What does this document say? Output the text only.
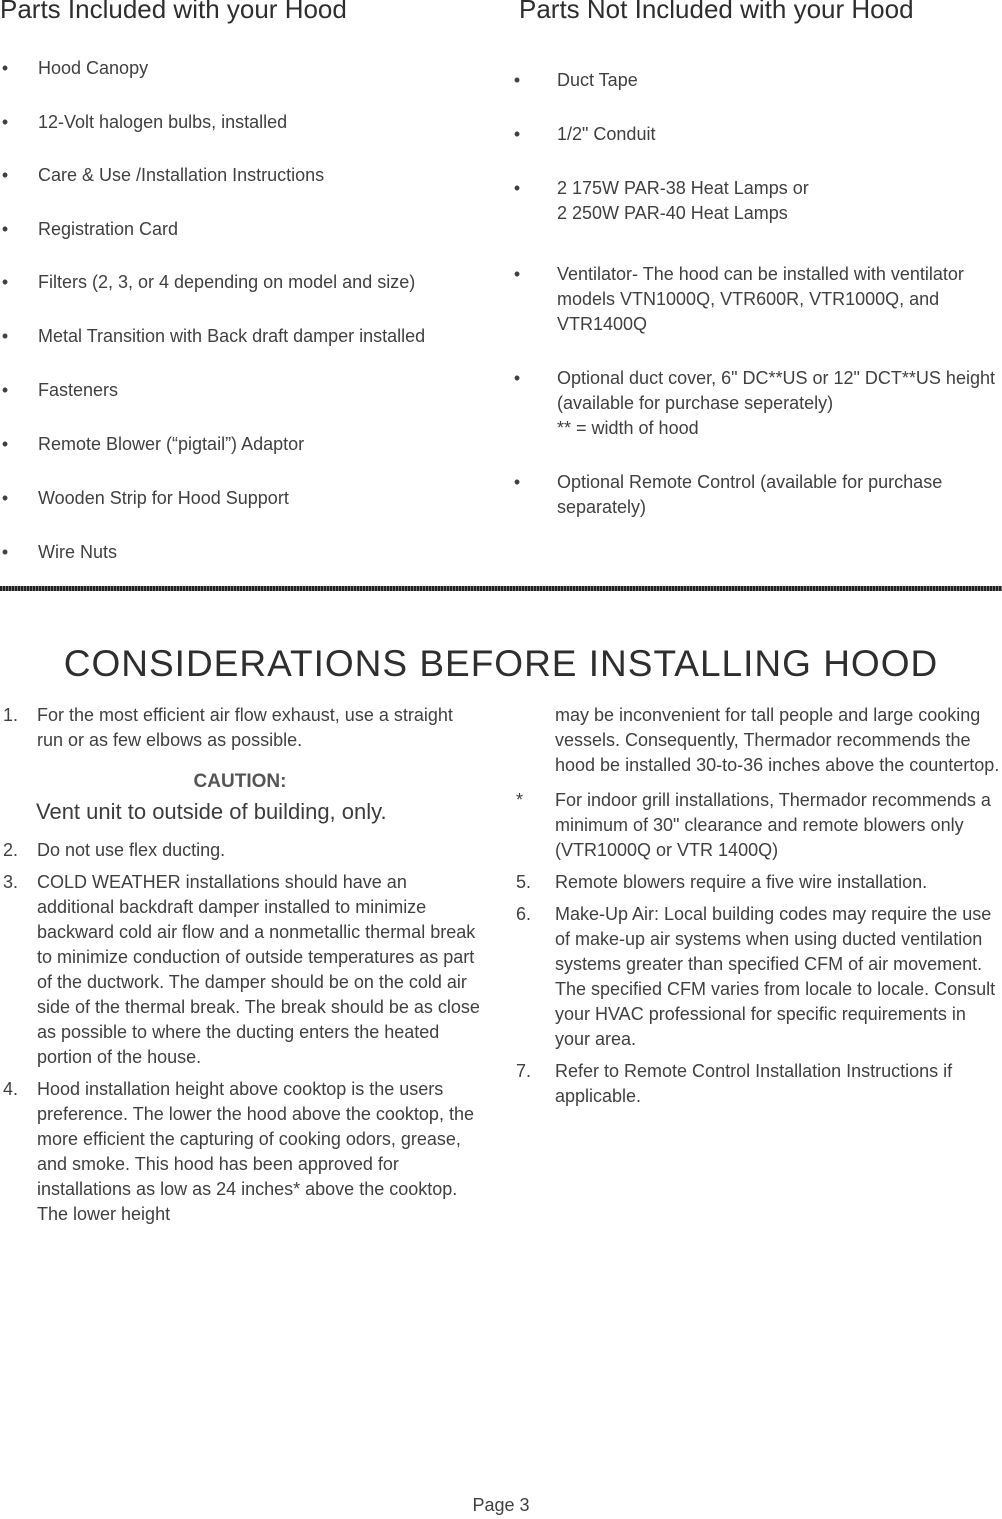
Parts Included with your Hood	Parts Not Included with your Hood
•	Hood Canopy
•	12-Volt halogen bulbs, installed
•	Care & Use /Installation Instructions
•	Registration Card
•	Filters (2, 3, or 4 depending on model and size)
•	Metal Transition with Back draft damper installed
•	Fasteners
•	Remote Blower (“pigtail”) Adaptor
•	Wooden Strip for Hood Support
•	Wire Nuts
•	Duct Tape
•	1/2" Conduit
•	2 175W PAR-38 Heat Lamps or
2 250W PAR-40 Heat Lamps
•	Ventilator- The hood can be installed with ventilator models VTN1000Q, VTR600R, VTR1000Q, and VTR1400Q
•	Optional duct cover, 6" DC**US or 12" DCT**US height (available for purchase seperately)
** = width of hood
•	Optional Remote Control (available for purchase separately)
CONSIDERATIONS BEFORE INSTALLING HOOD
1. For the most efficient air flow exhaust, use a straight run or as few elbows as possible.
CAUTION:
Vent unit to outside of building, only.
2. Do not use flex ducting.
3. COLD WEATHER installations should have an additional backdraft damper installed to minimize backward cold air flow and a nonmetallic thermal break to minimize conduction of outside temperatures as part of the ductwork. The damper should be on the cold air side of the thermal break. The break should be as close as possible to where the ducting enters the heated portion of the house.
4. Hood installation height above cooktop is the users preference. The lower the hood above the cooktop, the more efficient the capturing of cooking odors, grease, and smoke. This hood has been approved for installations as low as 24 inches* above the cooktop. The lower height
may be inconvenient for tall people and large cooking vessels. Consequently, Thermador recommends the hood be installed 30-to-36 inches above the countertop.
* For indoor grill installations, Thermador recommends a minimum of 30" clearance and remote blowers only (VTR1000Q or VTR 1400Q)
5. Remote blowers require a five wire installation.
6. Make-Up Air: Local building codes may require the use of make-up air systems when using ducted ventilation systems greater than specified CFM of air movement. The specified CFM varies from locale to locale. Consult your HVAC professional for specific requirements in your area.
7. Refer to Remote Control Installation Instructions if applicable.
Page 3
